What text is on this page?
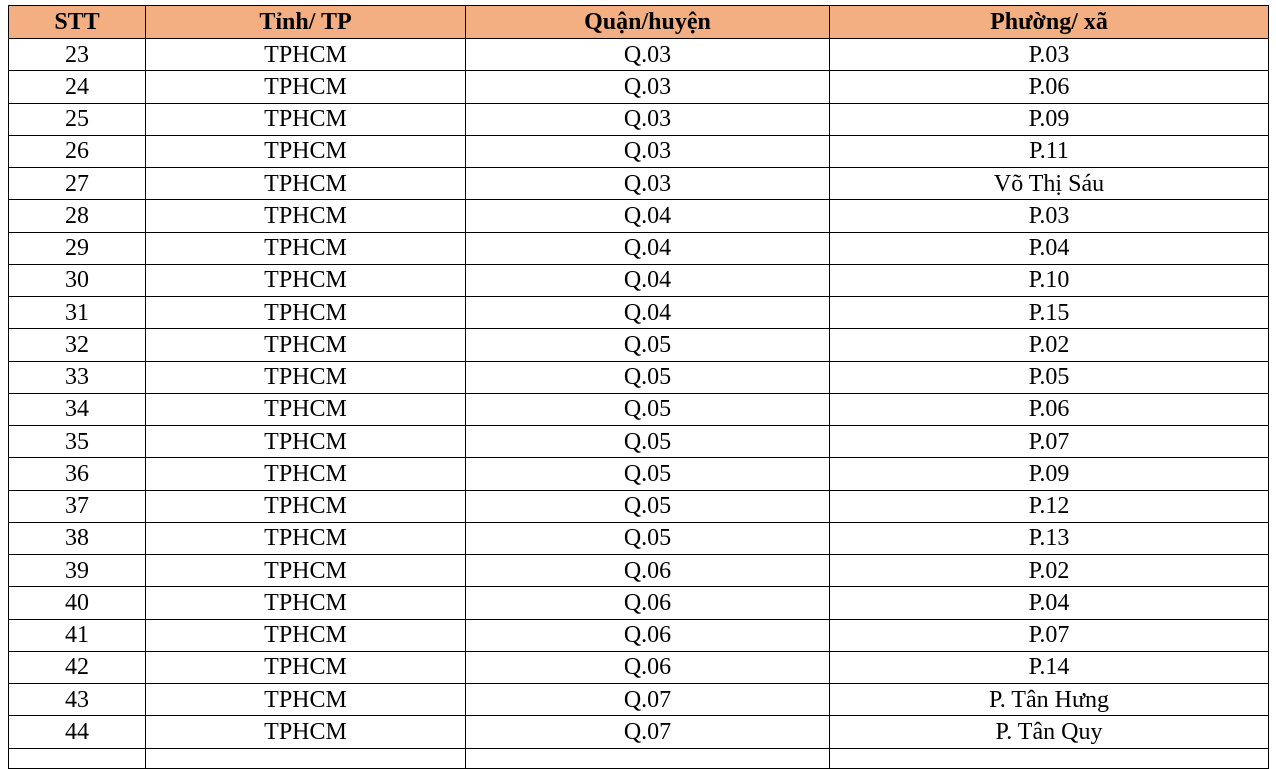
STT	Tỉnh/ TP	Quận/huyện	Phường/ xã
23	TPHCM	Q.03	P.03
24	TPHCM	Q.03	P.06
25	TPHCM	Q.03	P.09
26	TPHCM	Q.03	P.11
27	TPHCM	Q.03	Võ Thị Sáu
28	TPHCM	Q.04	P.03
29	TPHCM	Q.04	P.04
30	TPHCM	Q.04	P.10
31	TPHCM	Q.04	P.15
32	TPHCM	Q.05	P.02
33	TPHCM	Q.05	P.05
34	TPHCM	Q.05	P.06
35	TPHCM	Q.05	P.07
36	TPHCM	Q.05	P.09
37	TPHCM	Q.05	P.12
38	TPHCM	Q.05	P.13
39	TPHCM	Q.06	P.02
40	TPHCM	Q.06	P.04
41	TPHCM	Q.06	P.07
42	TPHCM	Q.06	P.14
43	TPHCM	Q.07	P. Tân Hưng
44	TPHCM	Q.07	P. Tân Quy
